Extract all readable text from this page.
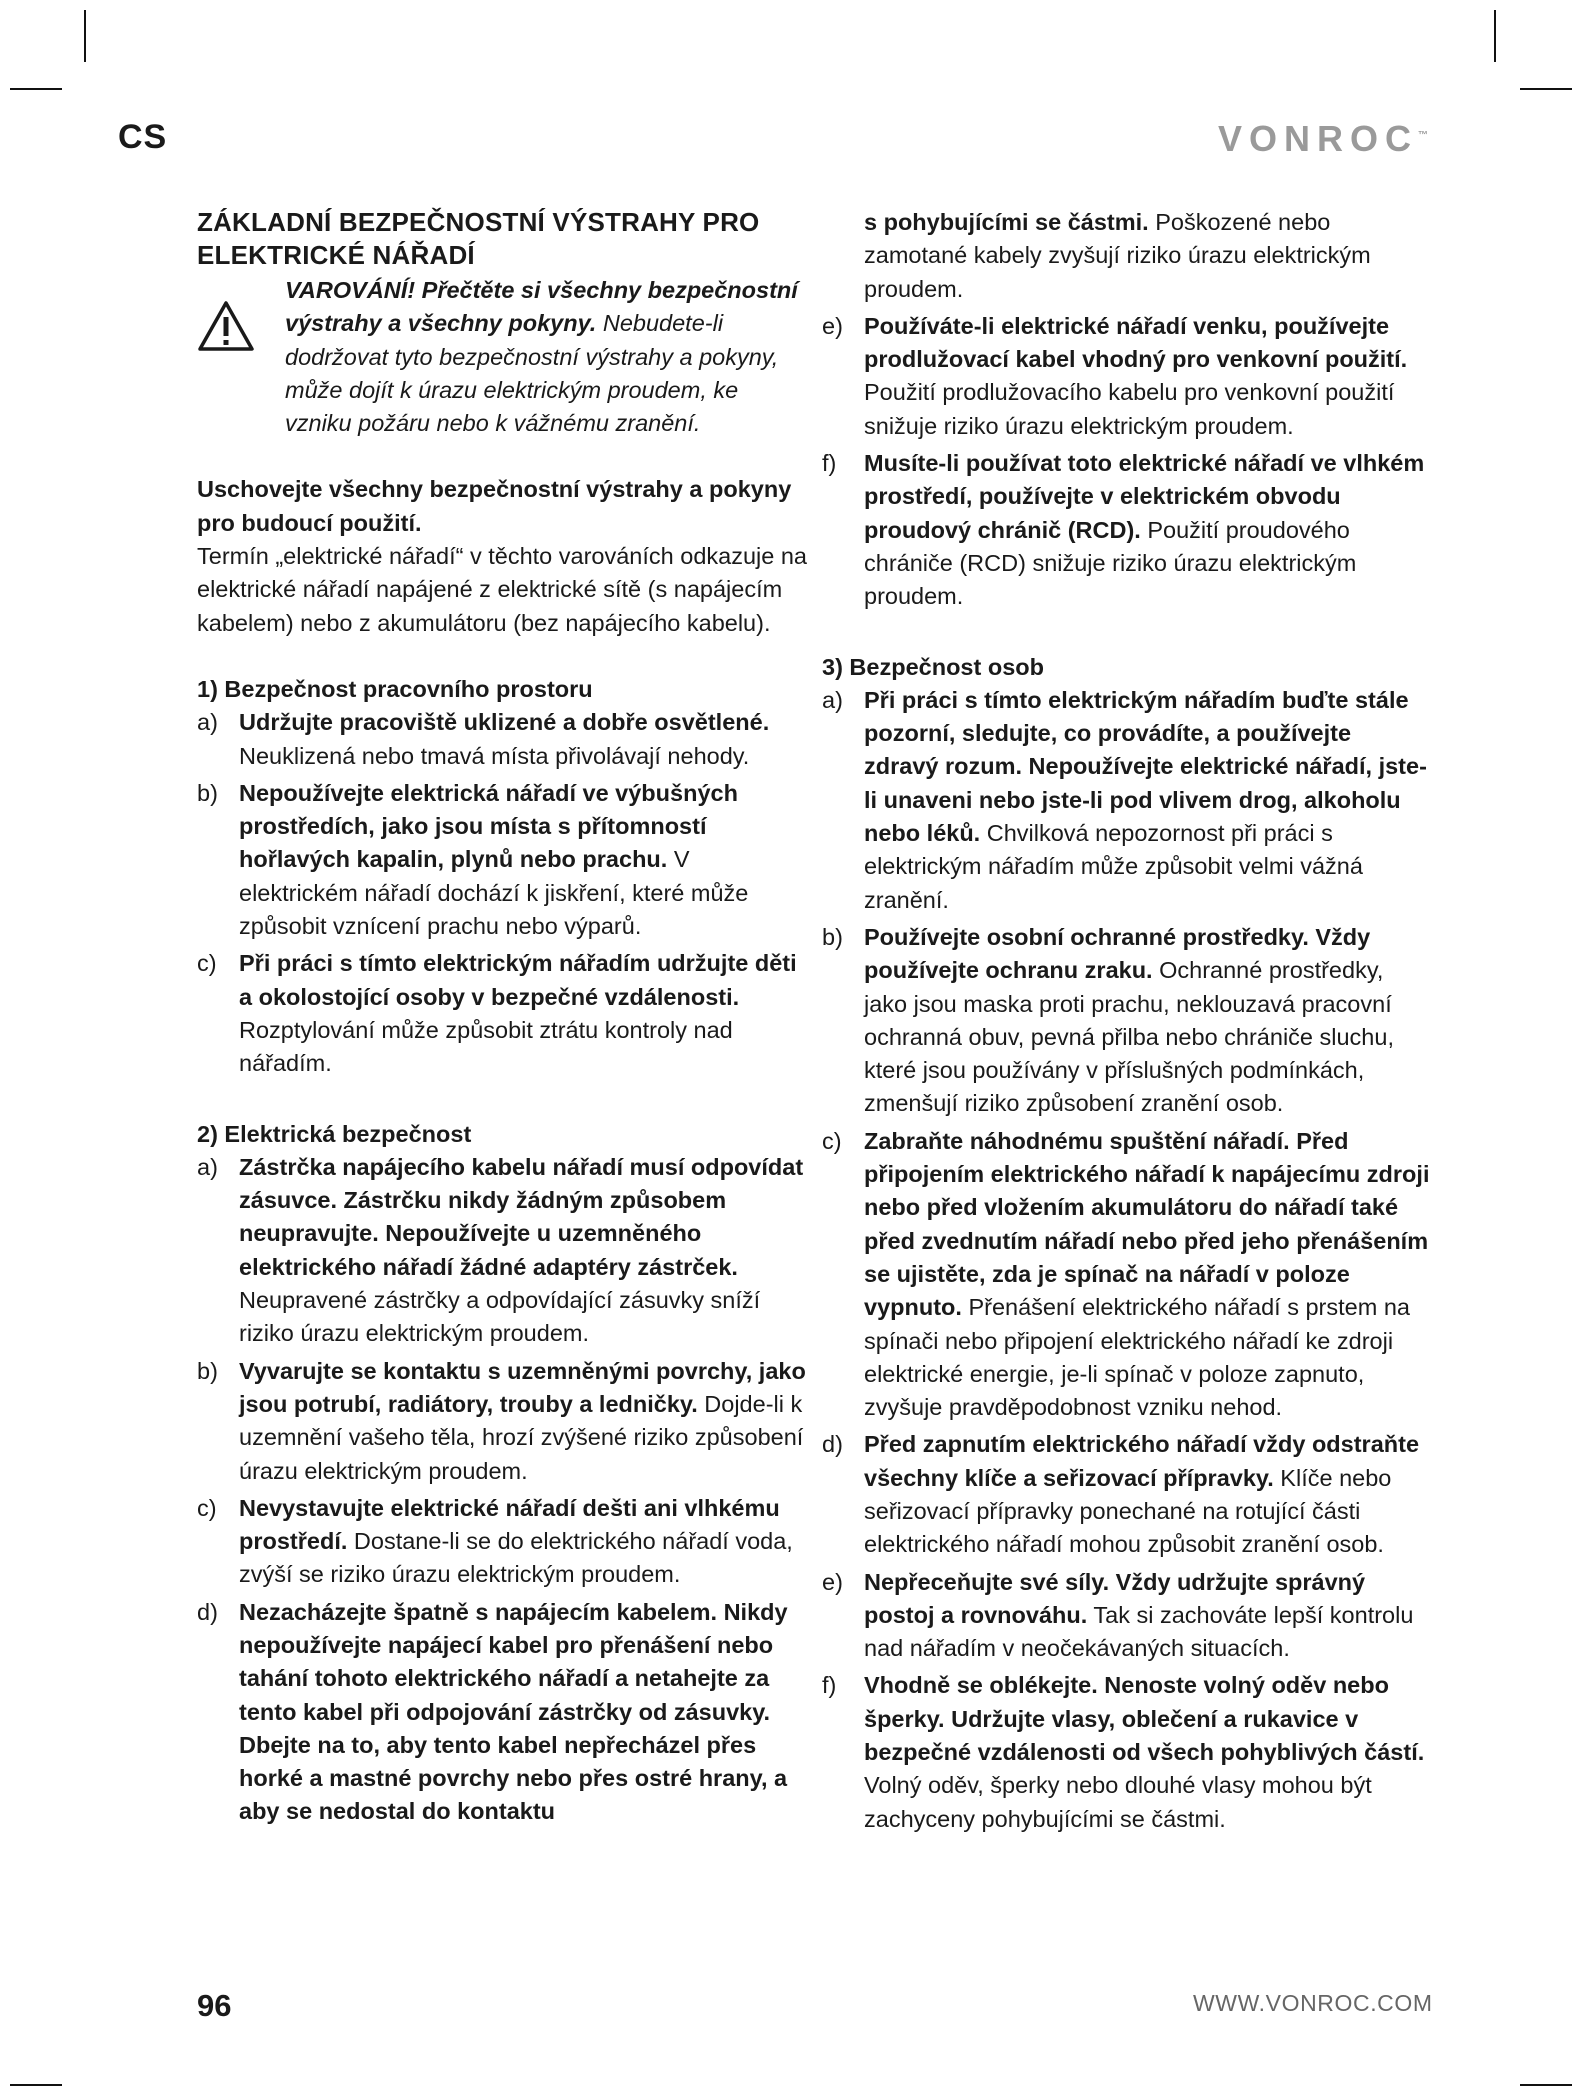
CS	VONROC™

ZÁKLADNÍ BEZPEČNOSTNÍ VÝSTRAHY PRO

ELEKTRICKÉ NÁŘADÍ

VAROVÁNÍ! Přečtěte si všechny bezpečnostní výstrahy a všechny pokyny. Nebudete-li dodržovat tyto bezpečnostní výstrahy a pokyny, může dojít k úrazu elektrickým proudem, ke vzniku požáru nebo k vážnému zranění.

Uschovejte všechny bezpečnostní výstrahy a pokyny pro budoucí použití.

Termín „elektrické nářadí“ v těchto varováních odkazuje na elektrické nářadí napájené z elektrické sítě (s napájecím kabelem) nebo z akumulátoru (bez napájecího kabelu).

1) Bezpečnost pracovního prostoru

a) Udržujte pracoviště uklizené a dobře osvětlené. Neuklizená nebo tmavá místa přivolávají nehody.
b) Nepoužívejte elektrická nářadí ve výbušných prostředích, jako jsou místa s přítomností hořlavých kapalin, plynů nebo prachu. V elektrickém nářadí dochází k jiskření, které může způsobit vznícení prachu nebo výparů.
c) Při práci s tímto elektrickým nářadím udržujte děti a okolostojící osoby v bezpečné vzdálenosti. Rozptylování může způsobit ztrátu kontroly nad nářadím.

2) Elektrická bezpečnost

a) Zástrčka napájecího kabelu nářadí musí odpovídat zásuvce. Zástrčku nikdy žádným způsobem neupravujte. Nepoužívejte u uzemněného elektrického nářadí žádné adaptéry zástrček. Neupravené zástrčky a odpovídající zásuvky sníží riziko úrazu elektrickým proudem.
b) Vyvarujte se kontaktu s uzemněnými povrchy, jako jsou potrubí, radiátory, trouby a ledničky. Dojde-li k uzemnění vašeho těla, hrozí zvýšené riziko způsobení úrazu elektrickým proudem.
c) Nevystavujte elektrické nářadí dešti ani vlhkému prostředí. Dostane-li se do elektrického nářadí voda, zvýší se riziko úrazu elektrickým proudem.
d) Nezacházejte špatně s napájecím kabelem. Nikdy nepoužívejte napájecí kabel pro přenášení nebo tahání tohoto elektrického nářadí a netahejte za tento kabel při odpojování zástrčky od zásuvky. Dbejte na to, aby tento kabel nepřecházel přes horké a mastné povrchy nebo přes ostré hrany, a aby se nedostal do kontaktu
s pohybujícími se částmi. Poškozené nebo zamotané kabely zvyšují riziko úrazu elektrickým proudem.
e) Používáte-li elektrické nářadí venku, používejte prodlužovací kabel vhodný pro venkovní použití. Použití prodlužovacího kabelu pro venkovní použití snižuje riziko úrazu elektrickým proudem.
f) Musíte-li používat toto elektrické nářadí ve vlhkém prostředí, používejte v elektrickém obvodu proudový chránič (RCD). Použití proudového chrániče (RCD) snižuje riziko úrazu elektrickým proudem.

3) Bezpečnost osob

a) Při práci s tímto elektrickým nářadím buďte stále pozorní, sledujte, co provádíte, a používejte zdravý rozum. Nepoužívejte elektrické nářadí, jste-li unaveni nebo jste-li pod vlivem drog, alkoholu nebo léků. Chvilková nepozornost při práci s elektrickým nářadím může způsobit velmi vážná zranění.
b) Používejte osobní ochranné prostředky. Vždy používejte ochranu zraku. Ochranné prostředky, jako jsou maska proti prachu, neklouzavá pracovní ochranná obuv, pevná přilba nebo chrániče sluchu, které jsou používány v příslušných podmínkách, zmenšují riziko způsobení zranění osob.
c) Zabraňte náhodnému spuštění nářadí. Před připojením elektrického nářadí k napájecímu zdroji nebo před vložením akumulátoru do nářadí také před zvednutím nářadí nebo před jeho přenášením se ujistěte, zda je spínač na nářadí v poloze vypnuto. Přenášení elektrického nářadí s prstem na spínači nebo připojení elektrického nářadí ke zdroji elektrické energie, je-li spínač v poloze zapnuto, zvyšuje pravděpodobnost vzniku nehod.
d) Před zapnutím elektrického nářadí vždy odstraňte všechny klíče a seřizovací přípravky. Klíče nebo seřizovací přípravky ponechané na rotující části elektrického nářadí mohou způsobit zranění osob.
e) Nepřeceňujte své síly. Vždy udržujte správný postoj a rovnováhu. Tak si zachováte lepší kontrolu nad nářadím v neočekávaných situacích.
f) Vhodně se oblékejte. Nenoste volný oděv nebo šperky. Udržujte vlasy, oblečení a rukavice v bezpečné vzdálenosti od všech pohyblivých částí. Volný oděv, šperky nebo dlouhé vlasy mohou být zachyceny pohybujícími se částmi.
96	WWW.VONROC.COM
